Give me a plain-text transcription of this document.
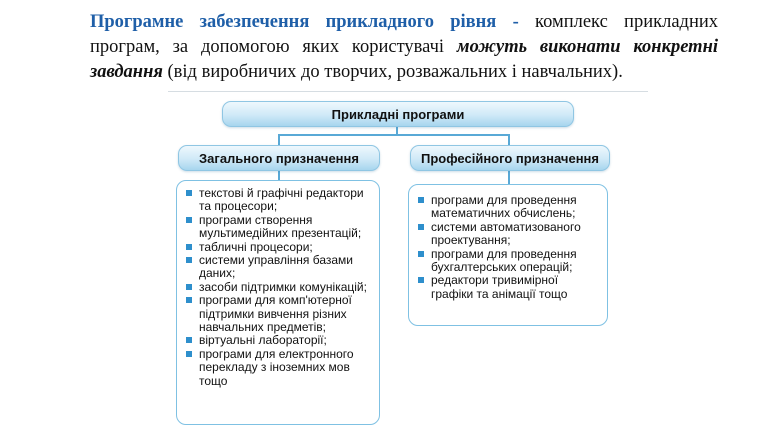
Програмне забезпечення прикладного рівня - комплекс прикладних програм, за допомогою яких користувачі можуть виконати конкретні завдання (від виробничих до творчих, розважальних і навчальних).

Прикладні програми
Загального призначення	Професійного призначення
текстові й графічні редактори та процесори;
програми створення мультимедійних презентацій;
табличні процесори;
системи управління базами даних;
засоби підтримки комунікацій;
програми для комп'ютерної підтримки вивчення різних навчальних предметів;
віртуальні лабораторії;
програми для електронного перекладу з іноземних мов тощо
програми для проведення математичних обчислень;
системи автоматизованого проектування;
програми для проведення бухгалтерських операцій;
редактори тривимірної графіки та анімації тощо
